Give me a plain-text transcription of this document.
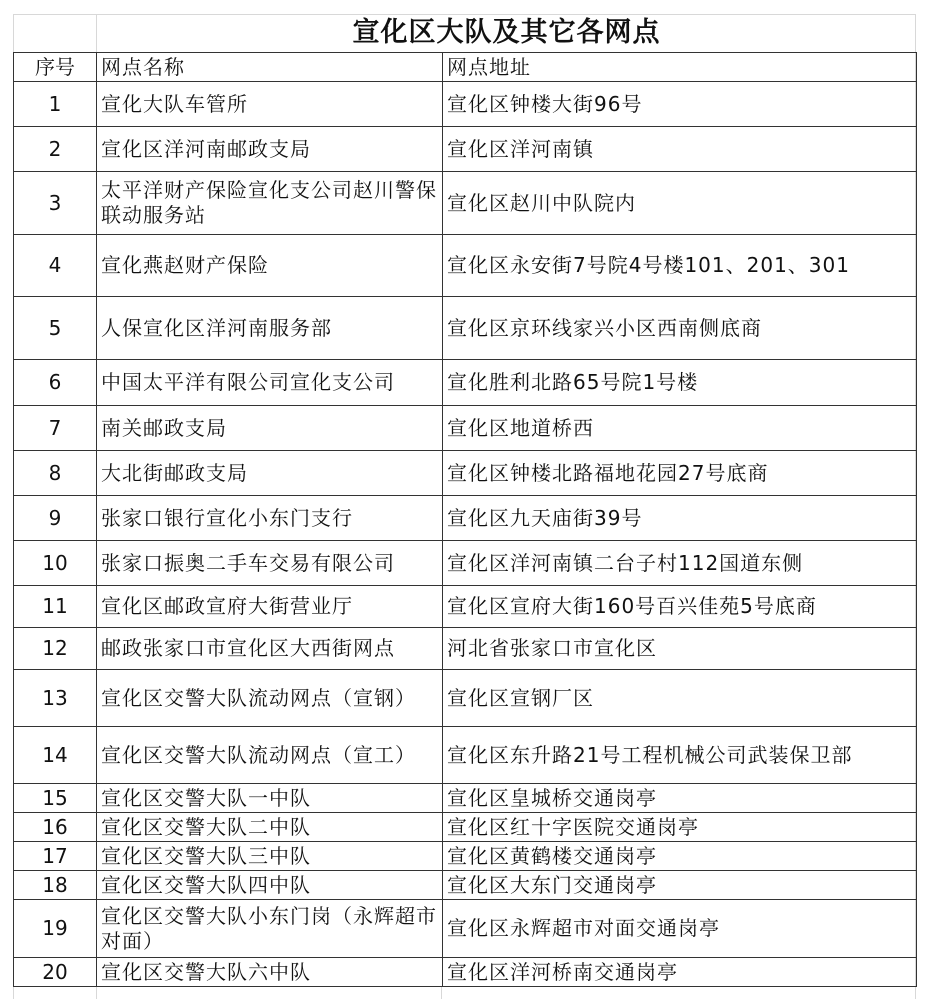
宣化区大队及其它各网点
序号	网点名称	网点地址
1	宣化大队车管所	宣化区钟楼大街96号
2	宣化区洋河南邮政支局	宣化区洋河南镇
3	太平洋财产保险宣化支公司赵川警保联动服务站	宣化区赵川中队院内
4	宣化燕赵财产保险	宣化区永安街7号院4号楼101、201、301
5	人保宣化区洋河南服务部	宣化区京环线家兴小区西南侧底商
6	中国太平洋有限公司宣化支公司	宣化胜利北路65号院1号楼
7	南关邮政支局	宣化区地道桥西
8	大北街邮政支局	宣化区钟楼北路福地花园27号底商
9	张家口银行宣化小东门支行	宣化区九天庙街39号
10	张家口振奥二手车交易有限公司	宣化区洋河南镇二台子村112国道东侧
11	宣化区邮政宣府大街营业厅	宣化区宣府大街160号百兴佳苑5号底商
12	邮政张家口市宣化区大西街网点	河北省张家口市宣化区
13	宣化区交警大队流动网点（宣钢）	宣化区宣钢厂区
14	宣化区交警大队流动网点（宣工）	宣化区东升路21号工程机械公司武装保卫部
15	宣化区交警大队一中队	宣化区皇城桥交通岗亭
16	宣化区交警大队二中队	宣化区红十字医院交通岗亭
17	宣化区交警大队三中队	宣化区黄鹤楼交通岗亭
18	宣化区交警大队四中队	宣化区大东门交通岗亭
19	宣化区交警大队小东门岗（永辉超市对面）	宣化区永辉超市对面交通岗亭
20	宣化区交警大队六中队	宣化区洋河桥南交通岗亭
